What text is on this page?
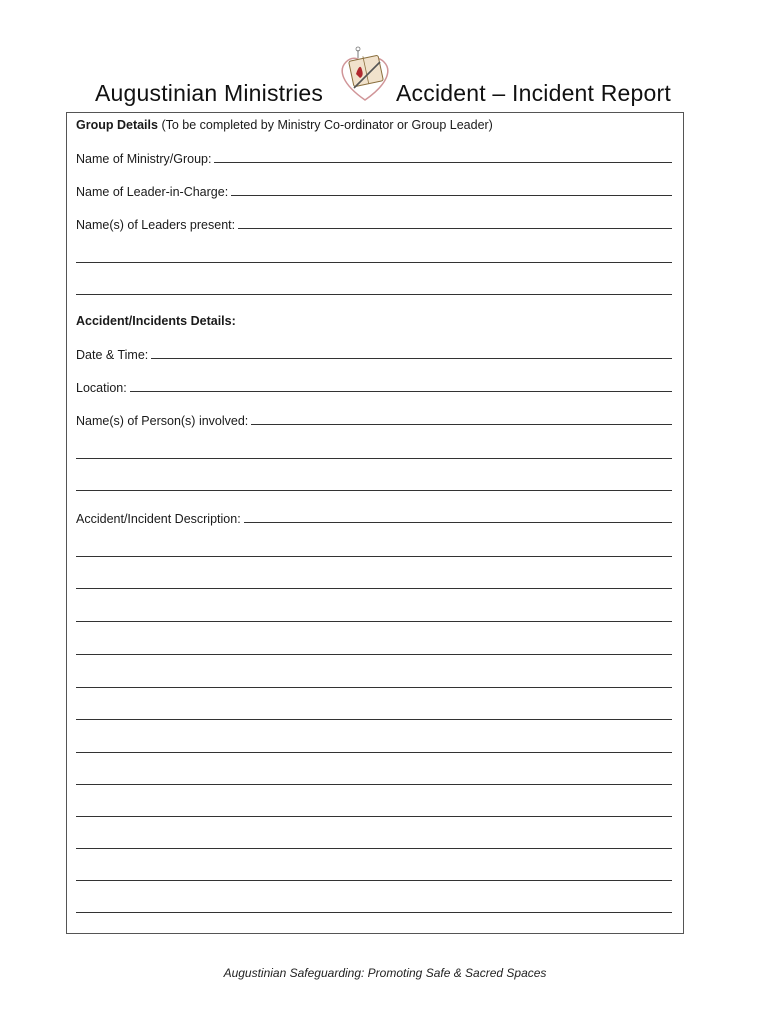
Augustinian Ministries	Accident – Incident Report
Group Details (To be completed by Ministry Co-ordinator or Group Leader)
Name of Ministry/Group:
Name of Leader-in-Charge:
Name(s) of Leaders present:
Accident/Incidents Details:
Date & Time:
Location:
Name(s) of Person(s) involved:
Accident/Incident Description:
Augustinian Safeguarding: Promoting Safe & Sacred Spaces
